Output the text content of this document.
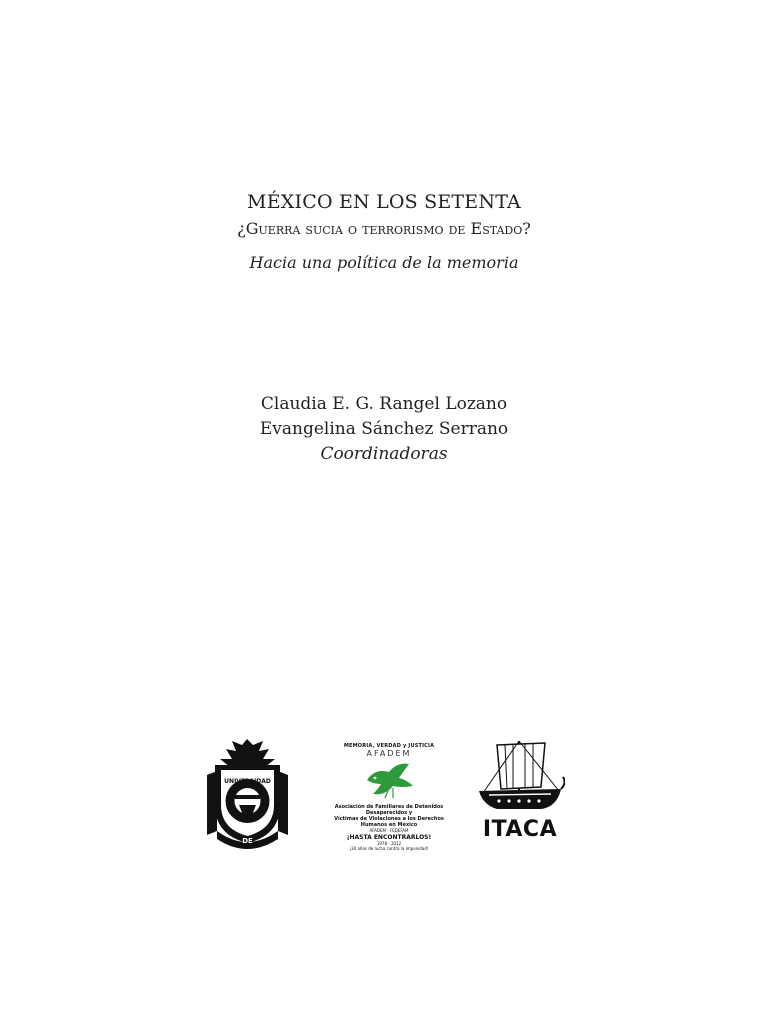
MÉXICO EN LOS SETENTA
¿Guerra sucia o terrorismo de Estado?
Hacia una política de la memoria
Claudia E. G. Rangel Lozano
Evangelina Sánchez Serrano
Coordinadoras
UNIVERSIDAD
DE
MEMORIA, VERDAD y JUSTICIA
AFADEM
Asociación de Familiares de Detenidos Desaparecidos y
Víctimas de Violaciones a los Derechos Humanos en México
AFADEM - FEDEFAM
¡HASTA ENCONTRARLOS!
1978 - 2012
¡34 años de lucha contra la impunidad!
ITACA
